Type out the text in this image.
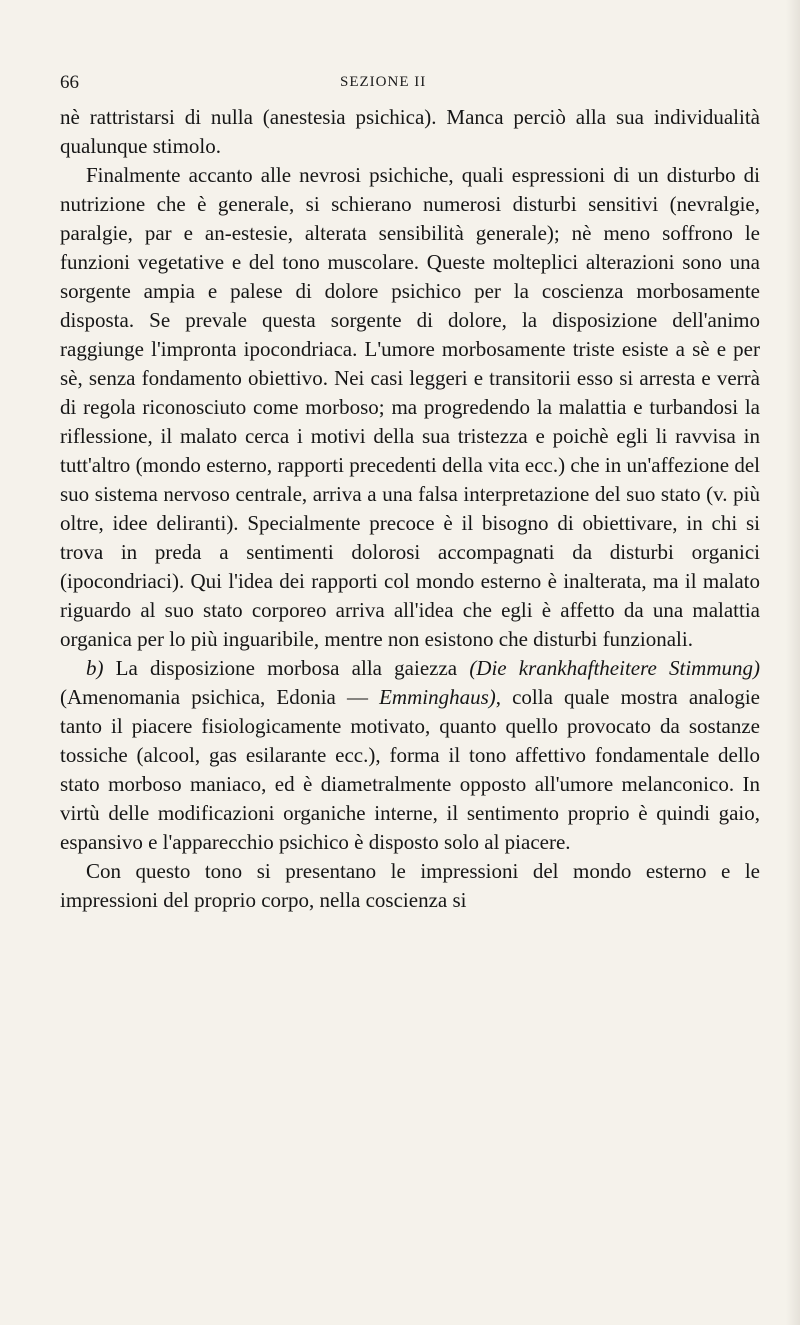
66	SEZIONE II

nè rattristarsi di nulla (anestesia psichica). Manca perciò alla sua individualità qualunque stimolo.

Finalmente accanto alle nevrosi psichiche, quali espressioni di un disturbo di nutrizione che è generale, si schierano numerosi disturbi sensitivi (nevralgie, paralgie, par e an-estesie, alterata sensibilità generale); nè meno soffrono le funzioni vegetative e del tono muscolare. Queste molteplici alterazioni sono una sorgente ampia e palese di dolore psichico per la coscienza morbosamente disposta. Se prevale questa sorgente di dolore, la disposizione dell'animo raggiunge l'impronta ipocondriaca. L'umore morbosamente triste esiste a sè e per sè, senza fondamento obiettivo. Nei casi leggeri e transitorii esso si arresta e verrà di regola riconosciuto come morboso; ma progredendo la malattia e turbandosi la riflessione, il malato cerca i motivi della sua tristezza e poichè egli li ravvisa in tutt'altro (mondo esterno, rapporti precedenti della vita ecc.) che in un'affezione del suo sistema nervoso centrale, arriva a una falsa interpretazione del suo stato (v. più oltre, idee deliranti). Specialmente precoce è il bisogno di obiettivare, in chi si trova in preda a sentimenti dolorosi accompagnati da disturbi organici (ipocondriaci). Qui l'idea dei rapporti col mondo esterno è inalterata, ma il malato riguardo al suo stato corporeo arriva all'idea che egli è affetto da una malattia organica per lo più inguaribile, mentre non esistono che disturbi funzionali.

b) La disposizione morbosa alla gaiezza (Die krankhaftheitere Stimmung) (Amenomania psichica, Edonia — Emminghaus), colla quale mostra analogie tanto il piacere fisiologicamente motivato, quanto quello provocato da sostanze tossiche (alcool, gas esilarante ecc.), forma il tono affettivo fondamentale dello stato morboso maniaco, ed è diametralmente opposto all'umore melanconico. In virtù delle modificazioni organiche interne, il sentimento proprio è quindi gaio, espansivo e l'apparecchio psichico è disposto solo al piacere.

Con questo tono si presentano le impressioni del mondo esterno e le impressioni del proprio corpo, nella coscienza si
